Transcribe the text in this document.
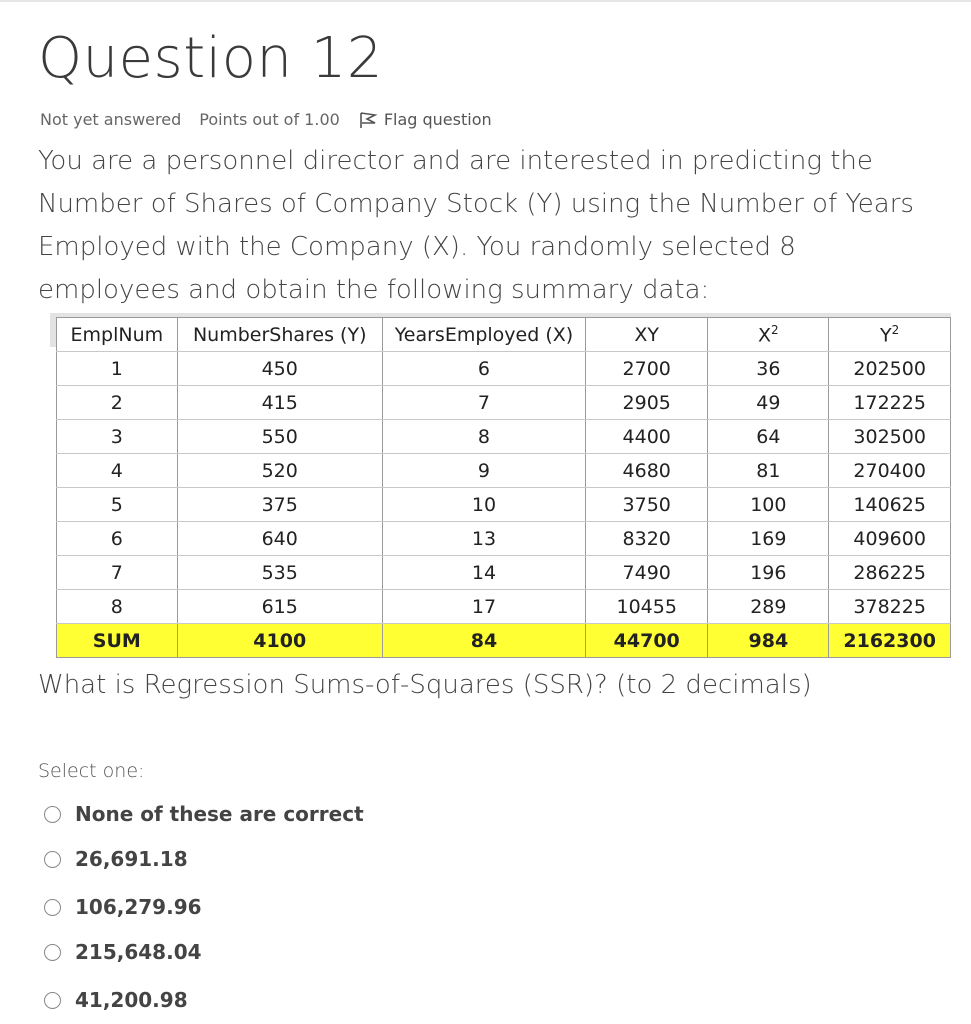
Question 12
Not yet answered Points out of 1.00	Flag question
You are a personnel director and are interested in predicting the Number of Shares of Company Stock (Y) using the Number of Years Employed with the Company (X). You randomly selected 8 employees and obtain the following summary data:
EmplNum	NumberShares (Y)	YearsEmployed (X)	XY	$X^2$	$Y^2$
1	450	6	2700	36	202500
2	415	7	2905	49	172225
3	550	8	4400	64	302500
4	520	9	4680	81	270400
5	375	10	3750	100	140625
6	640	13	8320	169	409600
7	535	14	7490	196	286225
8	615	17	10455	289	378225
SUM	4100	84	44700	984	2162300
What is Regression Sums-of-Squares (SSR)? (to 2 decimals)
Select one:
None of these are correct
26,691.18
106,279.96
215,648.04
41,200.98
